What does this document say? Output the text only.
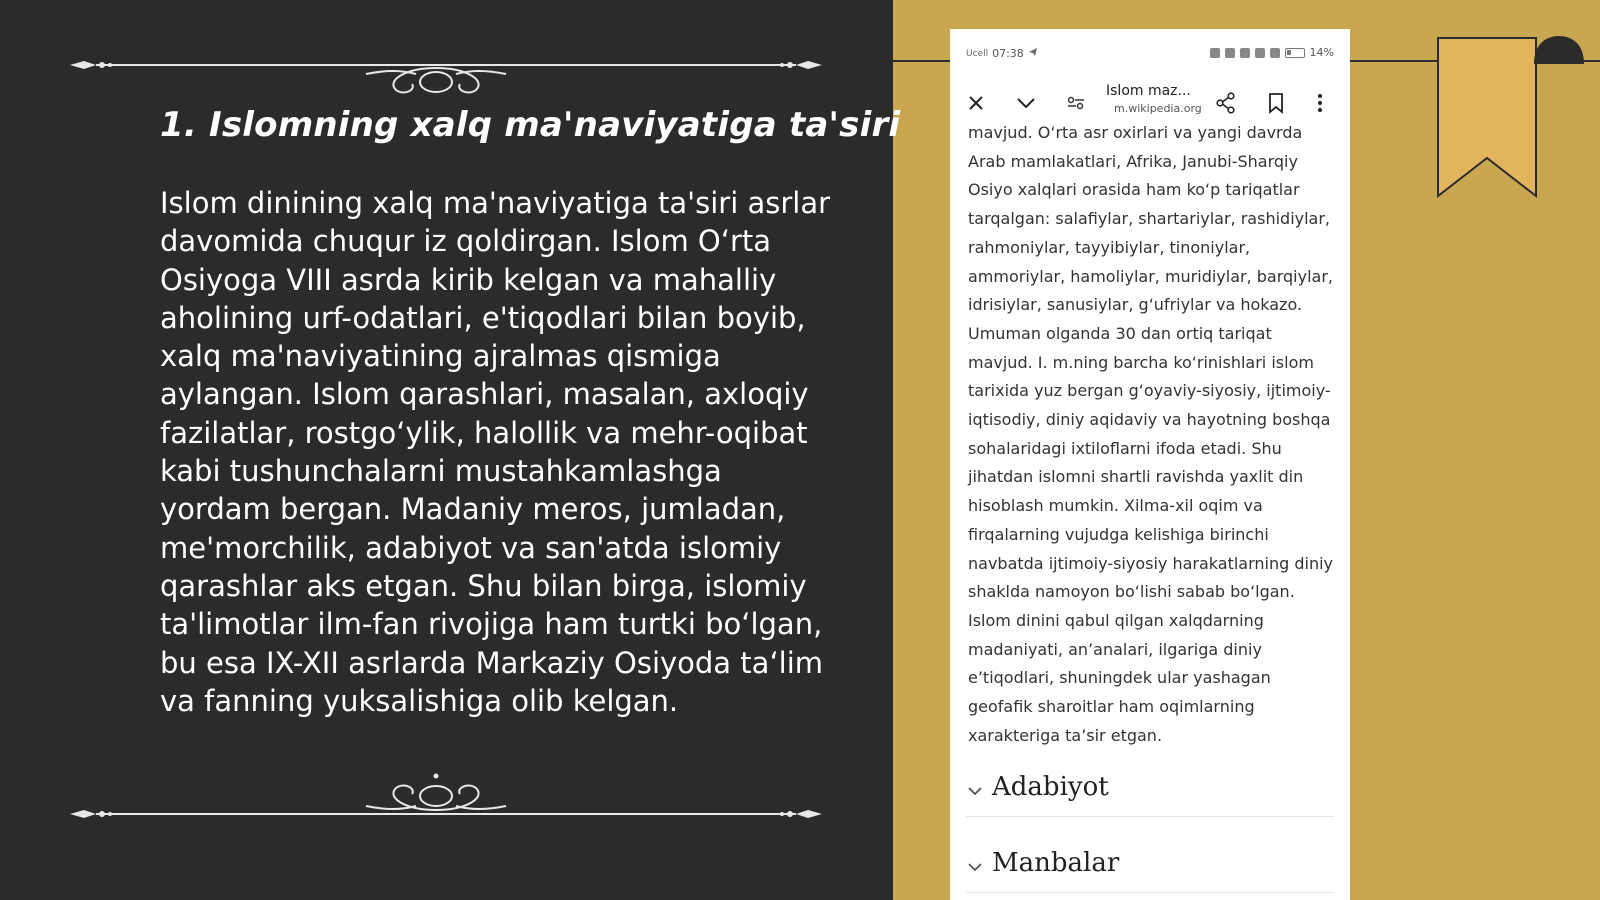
1. Islomning xalq ma'naviyatiga ta'siri
Islom dinining xalq ma'naviyatiga ta'siri asrlar davomida chuqur iz qoldirgan. Islom O‘rta Osiyoga VIII asrda kirib kelgan va mahalliy aholining urf-odatlari, e'tiqodlari bilan boyib, xalq ma'naviyatining ajralmas qismiga aylangan. Islom qarashlari, masalan, axloqiy fazilatlar, rostgo‘ylik, halollik va mehr-oqibat kabi tushunchalarni mustahkamlashga yordam bergan. Madaniy meros, jumladan, me'morchilik, adabiyot va san'atda islomiy qarashlar aks etgan. Shu bilan birga, islomiy ta'limotlar ilm-fan rivojiga ham turtki bo‘lgan, bu esa IX-XII asrlarda Markaziy Osiyoda ta‘lim va fanning yuksalishiga olib kelgan.
Ucell 07:38	14%
Islom maz...
m.wikipedia.org
mavjud. O‘rta asr oxirlari va yangi davrda Arab mamlakatlari, Afrika, Janubi-Sharqiy Osiyo xalqlari orasida ham ko‘p tariqatlar tarqalgan: salafiylar, shartariylar, rashidiylar, rahmoniylar, tayyibiylar, tinoniylar, ammoriylar, hamoliylar, muridiylar, barqiylar, idrisiylar, sanusiylar, g‘ufriylar va hokazo. Umuman olganda 30 dan ortiq tariqat mavjud. I. m.ning barcha ko‘rinishlari islom tarixida yuz bergan g‘oyaviy-siyosiy, ijtimoiy-iqtisodiy, diniy aqidaviy va hayotning boshqa sohalaridagi ixtiloflarni ifoda etadi. Shu jihatdan islomni shartli ravishda yaxlit din hisoblash mumkin. Xilma-xil oqim va firqalarning vujudga kelishiga birinchi navbatda ijtimoiy-siyosiy harakatlarning diniy shaklda namoyon bo‘lishi sabab bo‘lgan. Islom dinini qabul qilgan xalqdarning madaniyati, an’analari, ilgariga diniy e’tiqodlari, shuningdek ular yashagan geofafik sharoitlar ham oqimlarning xarakteriga ta’sir etgan.
Adabiyot
Manbalar
